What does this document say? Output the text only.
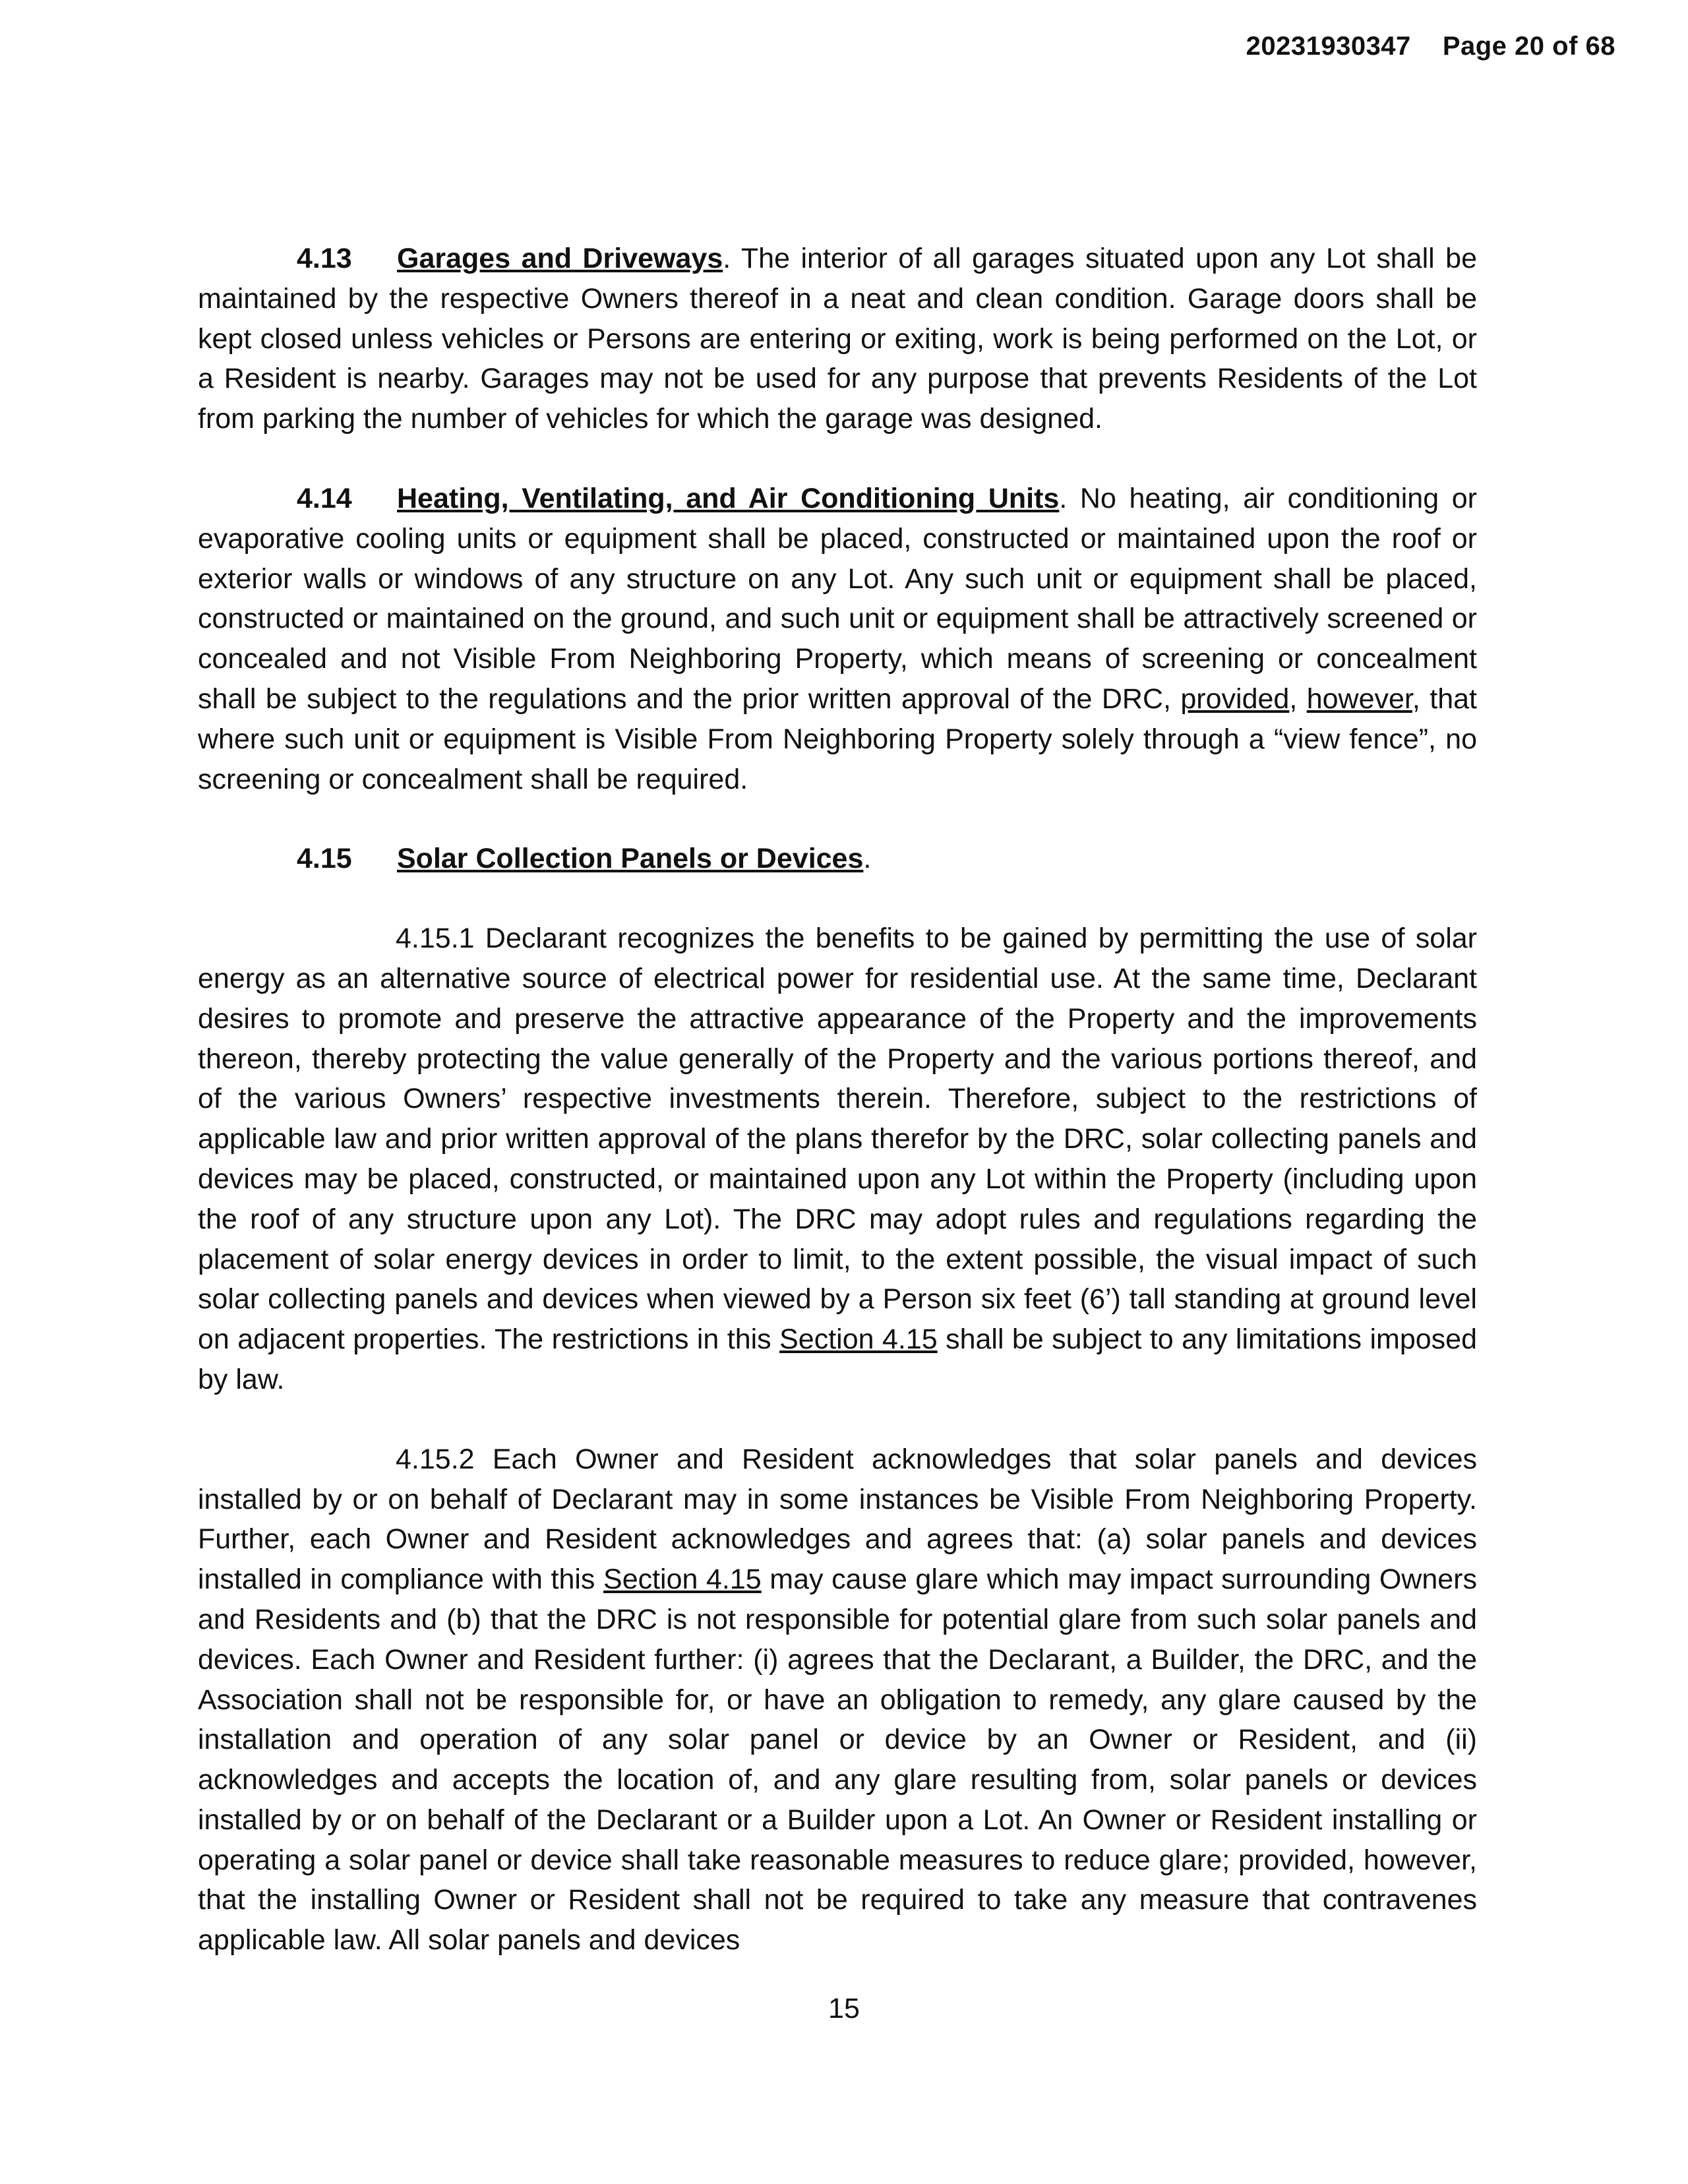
20231930347 Page 20 of 68

4.13 Garages and Driveways. The interior of all garages situated upon any Lot shall be maintained by the respective Owners thereof in a neat and clean condition. Garage doors shall be kept closed unless vehicles or Persons are entering or exiting, work is being performed on the Lot, or a Resident is nearby. Garages may not be used for any purpose that prevents Residents of the Lot from parking the number of vehicles for which the garage was designed.

4.14 Heating, Ventilating, and Air Conditioning Units. No heating, air conditioning or evaporative cooling units or equipment shall be placed, constructed or maintained upon the roof or exterior walls or windows of any structure on any Lot. Any such unit or equipment shall be placed, constructed or maintained on the ground, and such unit or equipment shall be attractively screened or concealed and not Visible From Neighboring Property, which means of screening or concealment shall be subject to the regulations and the prior written approval of the DRC, provided, however, that where such unit or equipment is Visible From Neighboring Property solely through a “view fence”, no screening or concealment shall be required.

4.15 Solar Collection Panels or Devices.

4.15.1 Declarant recognizes the benefits to be gained by permitting the use of solar energy as an alternative source of electrical power for residential use. At the same time, Declarant desires to promote and preserve the attractive appearance of the Property and the improvements thereon, thereby protecting the value generally of the Property and the various portions thereof, and of the various Owners’ respective investments therein. Therefore, subject to the restrictions of applicable law and prior written approval of the plans therefor by the DRC, solar collecting panels and devices may be placed, constructed, or maintained upon any Lot within the Property (including upon the roof of any structure upon any Lot). The DRC may adopt rules and regulations regarding the placement of solar energy devices in order to limit, to the extent possible, the visual impact of such solar collecting panels and devices when viewed by a Person six feet (6’) tall standing at ground level on adjacent properties. The restrictions in this Section 4.15 shall be subject to any limitations imposed by law.

4.15.2 Each Owner and Resident acknowledges that solar panels and devices installed by or on behalf of Declarant may in some instances be Visible From Neighboring Property. Further, each Owner and Resident acknowledges and agrees that: (a) solar panels and devices installed in compliance with this Section 4.15 may cause glare which may impact surrounding Owners and Residents and (b) that the DRC is not responsible for potential glare from such solar panels and devices. Each Owner and Resident further: (i) agrees that the Declarant, a Builder, the DRC, and the Association shall not be responsible for, or have an obligation to remedy, any glare caused by the installation and operation of any solar panel or device by an Owner or Resident, and (ii) acknowledges and accepts the location of, and any glare resulting from, solar panels or devices installed by or on behalf of the Declarant or a Builder upon a Lot. An Owner or Resident installing or operating a solar panel or device shall take reasonable measures to reduce glare; provided, however, that the installing Owner or Resident shall not be required to take any measure that contravenes applicable law. All solar panels and devices

15
